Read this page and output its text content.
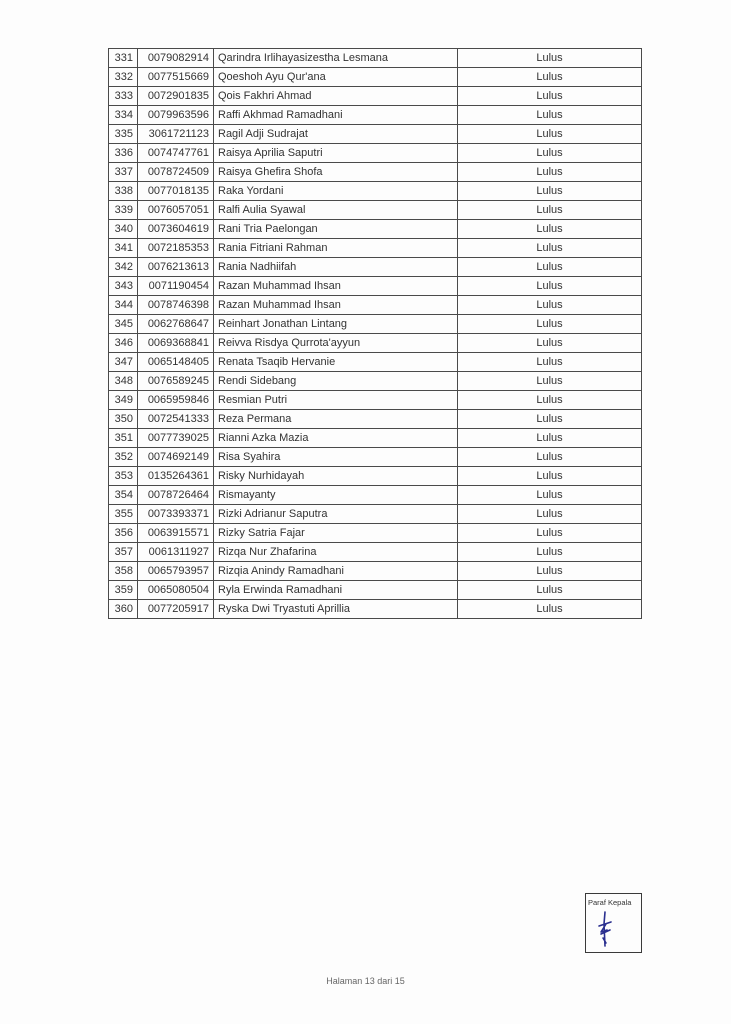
331	0079082914	Qarindra Irlihayasizestha Lesmana	Lulus
332	0077515669	Qoeshoh Ayu Qur'ana	Lulus
333	0072901835	Qois Fakhri Ahmad	Lulus
334	0079963596	Raffi Akhmad Ramadhani	Lulus
335	3061721123	Ragil Adji Sudrajat	Lulus
336	0074747761	Raisya Aprilia Saputri	Lulus
337	0078724509	Raisya Ghefira Shofa	Lulus
338	0077018135	Raka Yordani	Lulus
339	0076057051	Ralfi Aulia Syawal	Lulus
340	0073604619	Rani Tria Paelongan	Lulus
341	0072185353	Rania Fitriani Rahman	Lulus
342	0076213613	Rania Nadhiifah	Lulus
343	0071190454	Razan Muhammad Ihsan	Lulus
344	0078746398	Razan Muhammad Ihsan	Lulus
345	0062768647	Reinhart Jonathan Lintang	Lulus
346	0069368841	Reivva Risdya Qurrota'ayyun	Lulus
347	0065148405	Renata Tsaqib Hervanie	Lulus
348	0076589245	Rendi Sidebang	Lulus
349	0065959846	Resmian Putri	Lulus
350	0072541333	Reza Permana	Lulus
351	0077739025	Rianni Azka Mazia	Lulus
352	0074692149	Risa Syahira	Lulus
353	0135264361	Risky Nurhidayah	Lulus
354	0078726464	Rismayanty	Lulus
355	0073393371	Rizki Adrianur Saputra	Lulus
356	0063915571	Rizky Satria Fajar	Lulus
357	0061311927	Rizqa Nur Zhafarina	Lulus
358	0065793957	Rizqia Anindy Ramadhani	Lulus
359	0065080504	Ryla Erwinda Ramadhani	Lulus
360	0077205917	Ryska Dwi Tryastuti Aprillia	Lulus
Paraf Kepala
Halaman 13 dari 15
